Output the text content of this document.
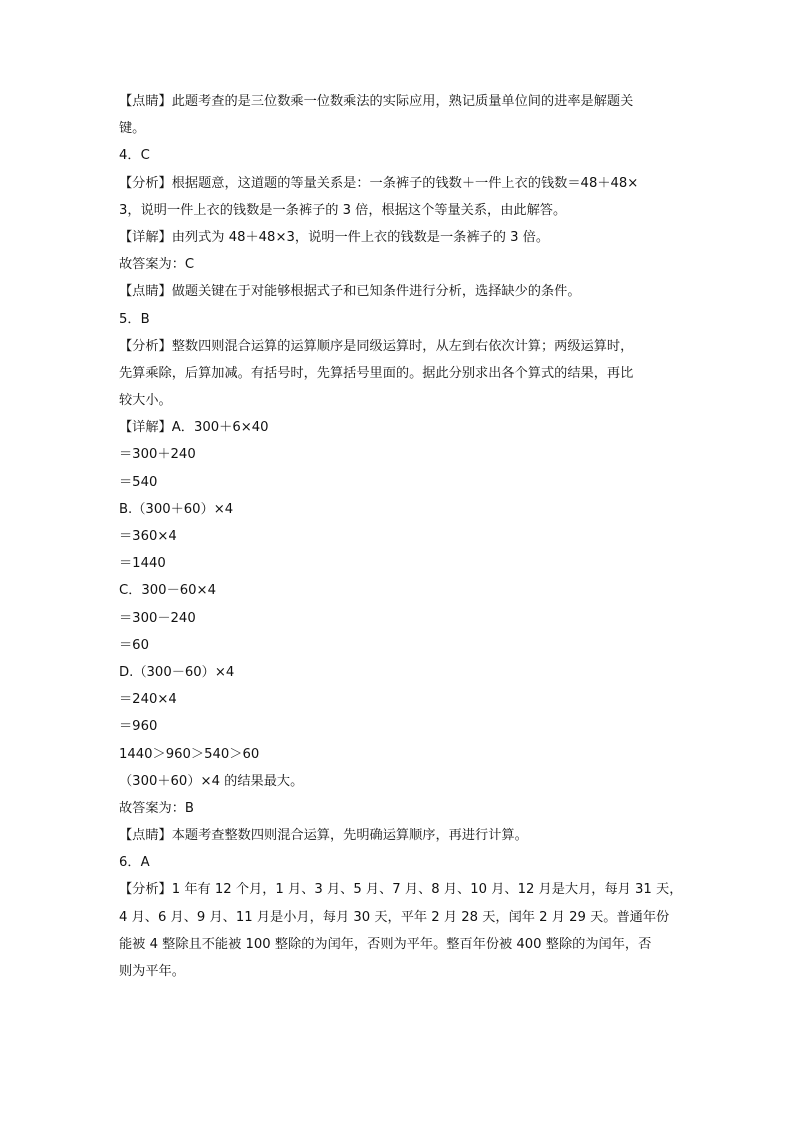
【点睛】此题考查的是三位数乘一位数乘法的实际应用，熟记质量单位间的进率是解题关
键。
4．C
【分析】根据题意，这道题的等量关系是：一条裤子的钱数＋一件上衣的钱数＝48＋48×
3，说明一件上衣的钱数是一条裤子的 3 倍，根据这个等量关系，由此解答。
【详解】由列式为 48＋48×3，说明一件上衣的钱数是一条裤子的 3 倍。
故答案为：C
【点睛】做题关键在于对能够根据式子和已知条件进行分析，选择缺少的条件。
5．B
【分析】整数四则混合运算的运算顺序是同级运算时，从左到右依次计算；两级运算时，
先算乘除，后算加减。有括号时，先算括号里面的。据此分别求出各个算式的结果，再比
较大小。
【详解】A．300＋6×40
＝300＋240
＝540
B.（300＋60）×4
＝360×4
＝1440
C．300－60×4
＝300－240
＝60
D.（300－60）×4
＝240×4
＝960
1440＞960＞540＞60
（300＋60）×4 的结果最大。
故答案为：B
【点睛】本题考查整数四则混合运算，先明确运算顺序，再进行计算。
6．A
【分析】1 年有 12 个月，1 月、3 月、5 月、7 月、8 月、10 月、12 月是大月，每月 31 天，
4 月、6 月、9 月、11 月是小月，每月 30 天，平年 2 月 28 天，闰年 2 月 29 天。普通年份
能被 4 整除且不能被 100 整除的为闰年，否则为平年。整百年份被 400 整除的为闰年，否
则为平年。
